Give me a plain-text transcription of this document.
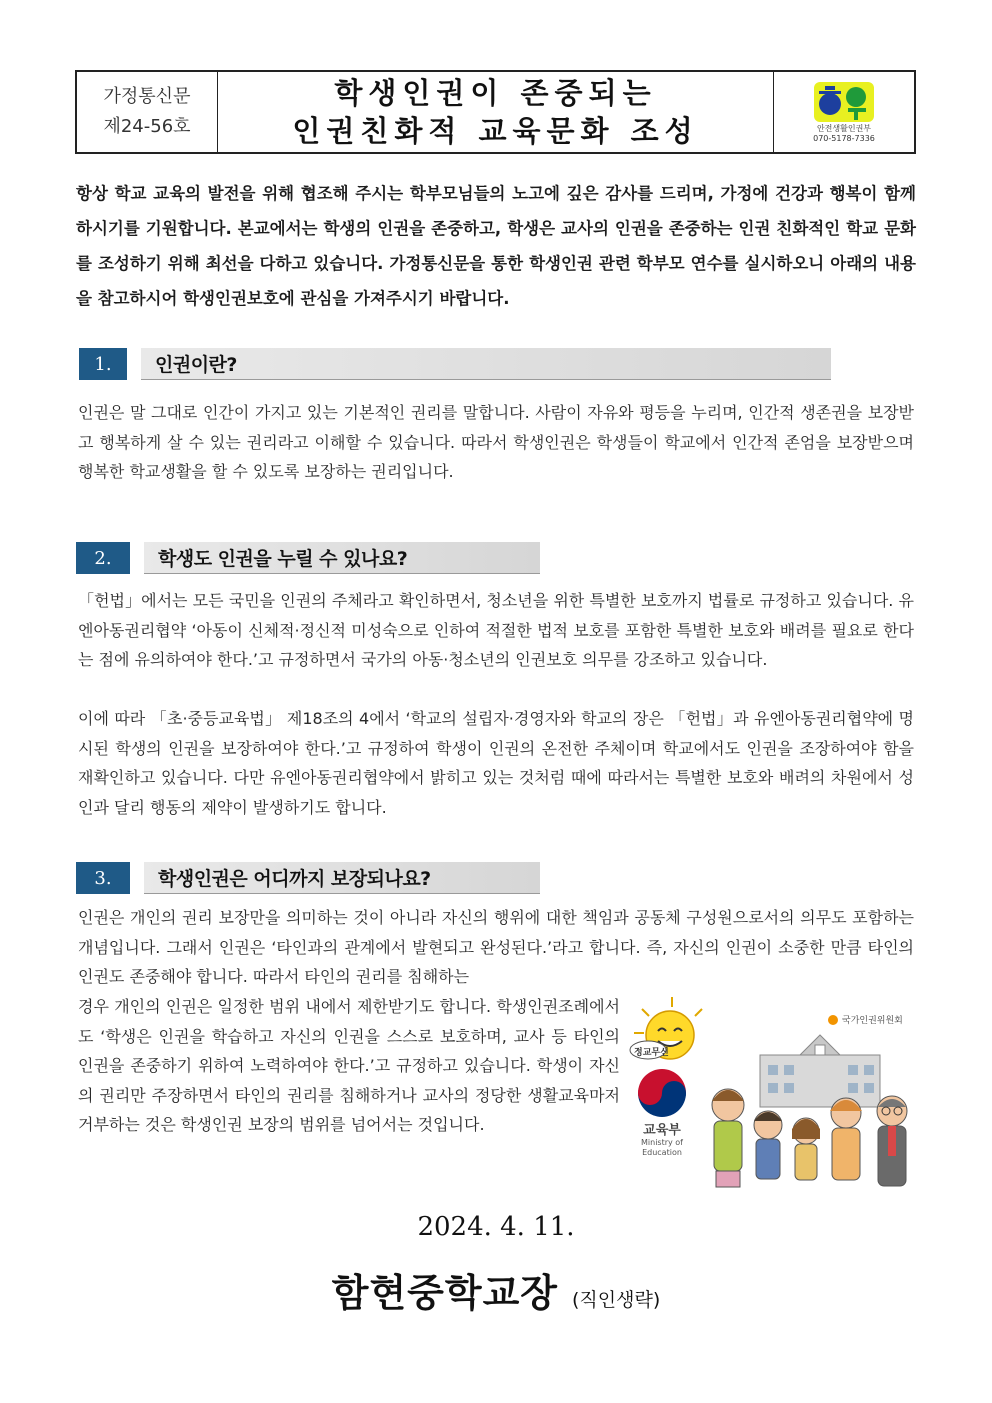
가정통신문
제24-56호
학생인권이 존중되는
인권친화적 교육문화 조성	안전생활인권부
070-5178-7336

항상 학교 교육의 발전을 위해 협조해 주시는 학부모님들의 노고에 깊은 감사를 드리며, 가정에 건강과 행복이 함께 하시기를 기원합니다. 본교에서는 학생의 인권을 존중하고, 학생은 교사의 인권을 존중하는 인권 친화적인 학교 문화를 조성하기 위해 최선을 다하고 있습니다. 가정통신문을 통한 학생인권 관련 학부모 연수를 실시하오니 아래의 내용을 참고하시어 학생인권보호에 관심을 가져주시기 바랍니다.

1.	인권이란?

인권은 말 그대로 인간이 가지고 있는 기본적인 권리를 말합니다. 사람이 자유와 평등을 누리며, 인간적 생존권을 보장받고 행복하게 살 수 있는 권리라고 이해할 수 있습니다. 따라서 학생인권은 학생들이 학교에서 인간적 존엄을 보장받으며 행복한 학교생활을 할 수 있도록 보장하는 권리입니다.

2.	학생도 인권을 누릴 수 있나요?

「헌법」에서는 모든 국민을 인권의 주체라고 확인하면서, 청소년을 위한 특별한 보호까지 법률로 규정하고 있습니다. 유엔아동권리협약 ‘아동이 신체적·정신적 미성숙으로 인하여 적절한 법적 보호를 포함한 특별한 보호와 배려를 필요로 한다는 점에 유의하여야 한다.’고 규정하면서 국가의 아동·청소년의 인권보호 의무를 강조하고 있습니다.

이에 따라 「초·중등교육법」 제18조의 4에서 ‘학교의 설립자·경영자와 학교의 장은 「헌법」과 유엔아동권리협약에 명시된 학생의 인권을 보장하여야 한다.’고 규정하여 학생이 인권의 온전한 주체이며 학교에서도 인권을 조장하여야 함을 재확인하고 있습니다. 다만 유엔아동권리협약에서 밝히고 있는 것처럼 때에 따라서는 특별한 보호와 배려의 차원에서 성인과 달리 행동의 제약이 발생하기도 합니다.

3.	학생인권은 어디까지 보장되나요?

인권은 개인의 권리 보장만을 의미하는 것이 아니라 자신의 행위에 대한 책임과 공동체 구성원으로서의 의무도 포함하는 개념입니다. 그래서 인권은 ‘타인과의 관계에서 발현되고 완성된다.’라고 합니다. 즉, 자신의 인권이 소중한 만큼 타인의 인권도 존중해야 합니다. 따라서 타인의 권리를 침해하는

경우 개인의 인권은 일정한 범위 내에서 제한받기도 합니다. 학생인권조례에서도 ‘학생은 인권을 학습하고 자신의 인권을 스스로 보호하며, 교사 등 타인의 인권을 존중하기 위하여 노력하여야 한다.’고 규정하고 있습니다. 학생이 자신의 권리만 주장하면서 타인의 권리를 침해하거나 교사의 정당한 생활교육마저 거부하는 것은 학생인권 보장의 범위를 넘어서는 것입니다.

정교무신
국가인권위원회
교육부
Ministry of
Education
2024. 4. 11.
함현중학교장 (직인생략)
